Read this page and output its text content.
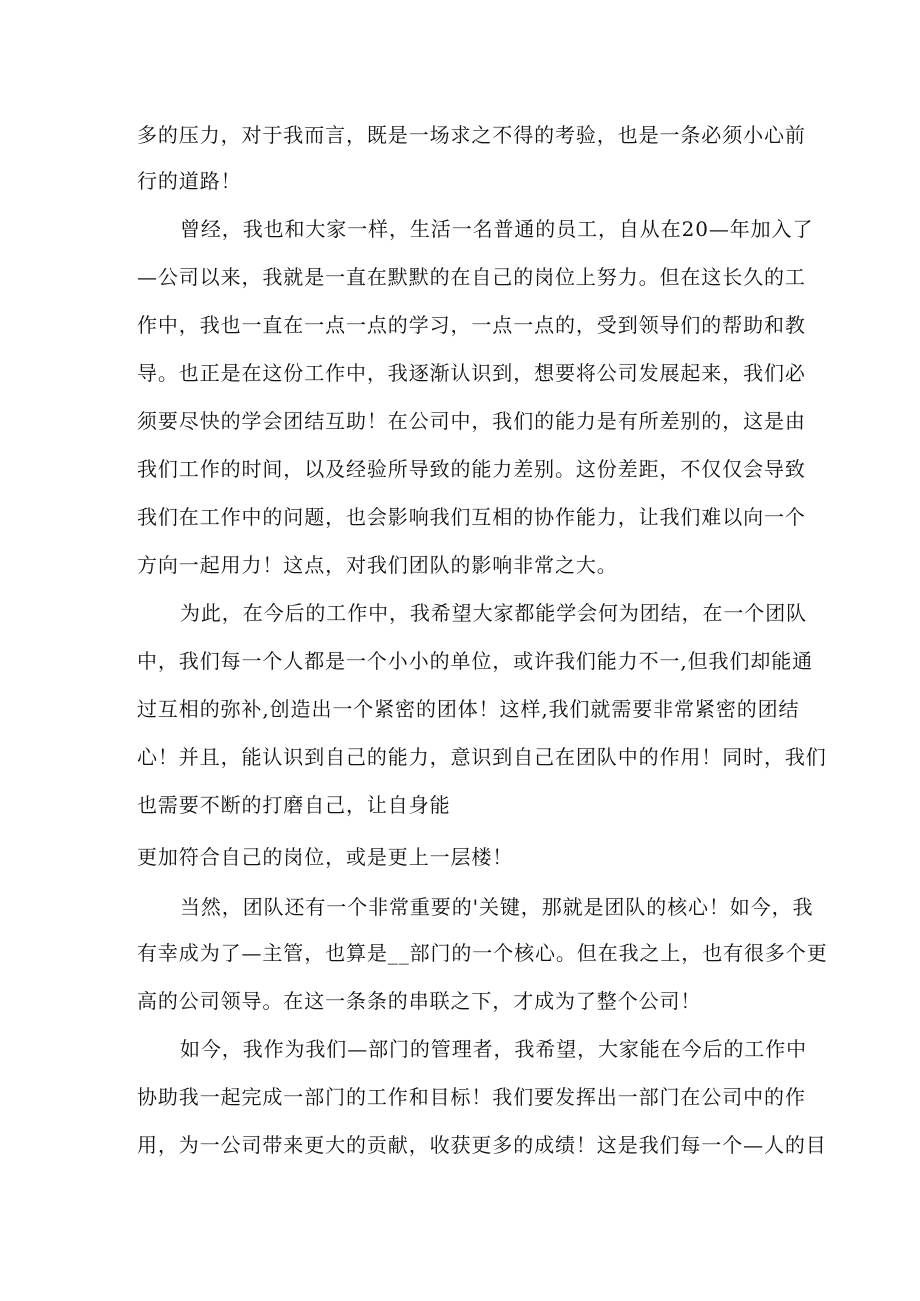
多的压力，对于我而言，既是一场求之不得的考验，也是一条必须小心前
行的道路！
曾经，我也和大家一样，生活一名普通的员工，自从在20—年加入了
—公司以来，我就是一直在默默的在自己的岗位上努力。但在这长久的工
作中，我也一直在一点一点的学习，一点一点的，受到领导们的帮助和教
导。也正是在这份工作中，我逐渐认识到，想要将公司发展起来，我们必
须要尽快的学会团结互助！在公司中，我们的能力是有所差别的，这是由
我们工作的时间，以及经验所导致的能力差别。这份差距，不仅仅会导致
我们在工作中的问题，也会影响我们互相的协作能力，让我们难以向一个
方向一起用力！这点，对我们团队的影响非常之大。
为此，在今后的工作中，我希望大家都能学会何为团结，在一个团队
中，我们每一个人都是一个小小的单位，或许我们能力不一,但我们却能通
过互相的弥补,创造出一个紧密的团体！这样,我们就需要非常紧密的团结
心！并且，能认识到自己的能力，意识到自己在团队中的作用！同时，我们
也需要不断的打磨自己，让自身能
更加符合自己的岗位，或是更上一层楼！
当然，团队还有一个非常重要的'关键，那就是团队的核心！如今，我
有幸成为了—主管，也算是__部门的一个核心。但在我之上，也有很多个更
高的公司领导。在这一条条的串联之下，才成为了整个公司！
如今，我作为我们—部门的管理者，我希望，大家能在今后的工作中
协助我一起完成一部门的工作和目标！我们要发挥出一部门在公司中的作
用，为一公司带来更大的贡献，收获更多的成绩！这是我们每一个—人的目
